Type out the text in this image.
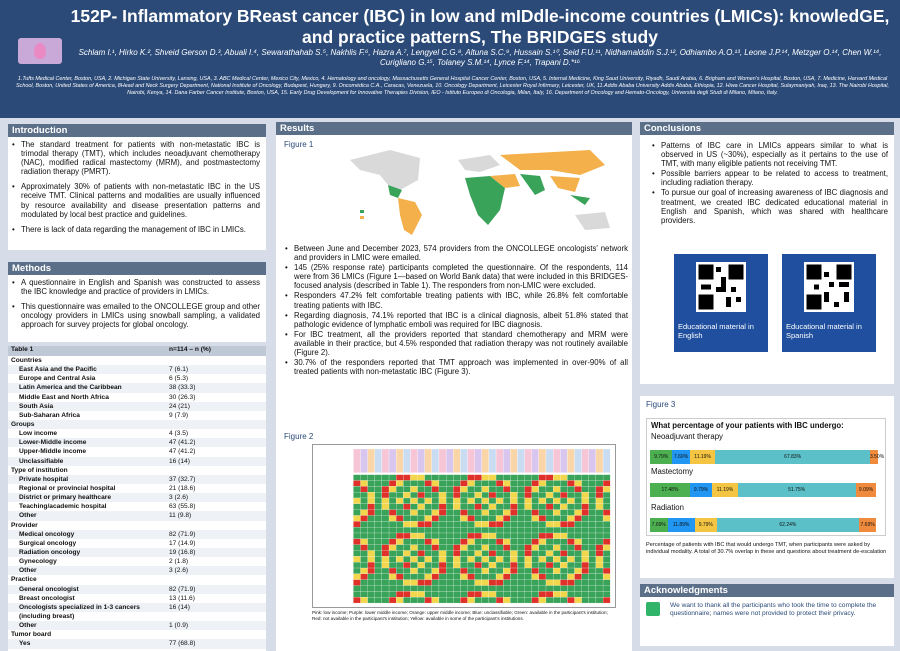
152P- Inflammatory BReast cancer (IBC) in low and mIDdle-income countries (LMICs): knowledGE, and practice patternS, The BRIDGES study
Schlam I.¹, Hirko K.², Shveid Gerson D.³, Abuali I.⁴, Sewarathahab S.⁵, Nakhlis F.⁶, Hazra A.⁷, Lengyel C.G.⁸, Altuna S.C.⁹, Hussain S.¹⁰, Seid F.U.¹¹, Nidhamalddin S.J.¹², Odhiambo A.O.¹³, Leone J.P.¹⁴, Metzger O.¹⁴, Chen W.¹⁴, Curigliano G.¹⁵, Tolaney S.M.¹⁴, Lynce F.¹⁴, Trapani D.*¹⁶
1.Tufts Medical Center, Boston, USA, 2. Michigan State University, Lansing, USA, 3. ABC Medical Center, Mexico City, Mexico, 4. Hematology and oncology, Massachusetts General Hospital Cancer Center, Boston, USA, 5. Internal Medicine, King Saud University, Riyadh, Saudi Arabia, 6. Brigham and Women's Hospital, Boston, USA, 7. Medicine, Harvard Medical School, Boston, United States of America, 8Head and Neck Surgery Department, National Institute of Oncology, Budapest, Hungary, 9. Oncomédica C.A., Caracas, Venezuela, 10. Oncology Department, Leicester Royal Infirmary, Leicester, UK, 11.Addis Ababa University Addis Ababa, Ethiopia, 12. Hiwa Cancer Hospital, Sulaymaniyah, Iraq, 13. The Nairobi Hospital, Nairobi, Kenya, 14. Dana Farber Cancer Institute, Boston, USA, 15. Early Drug Development for Innovative Therapies Division, IEO - Istituto Europeo di Oncologia, Milan, Italy, 16. Department of Oncology and Hemato-Oncology, Università degli Studi di Milano, Milano, Italy.
Introduction
• The standard treatment for patients with non-metastatic IBC is trimodal therapy (TMT), which includes neoadjuvant chemotherapy (NAC), modified radical mastectomy (MRM), and postmastectomy radiation therapy (PMRT).
• Approximately 30% of patients with non-metastatic IBC in the US receive TMT. Clinical patterns and modalities are usually influenced by resource availability and disease presentation patterns and modulated by local best practice and guidelines.
• There is lack of data regarding the management of IBC in LMICs.
Methods
• A questionnaire in English and Spanish was constructed to assess the IBC knowledge and practice of providers in LMICs.
• This questionnaire was emailed to the ONCOLLEGE group and other oncology providers in LMICs using snowball sampling, a validated approach for survey projects for global oncology.
Table 1	n=114 – n (%)
Countries
East Asia and the Pacific	7 (6.1)
Europe and Central Asia	6 (5.3)
Latin America and the Caribbean	38 (33.3)
Middle East and North Africa	30 (26.3)
South Asia	24 (21)
Sub-Saharan Africa	9 (7.9)
Groups
Low income	4 (3.5)
Lower-Middle income	47 (41.2)
Upper-Middle income	47 (41.2)
Unclassifiable	16 (14)
Type of institution
Private hospital	37 (32.7)
Regional or provincial hospital	21 (18.6)
District or primary healthcare	3 (2.6)
Teaching/academic hospital	63 (55.8)
Other	11 (9.8)
Provider
Medical oncology	82 (71.9)
Surgical oncology	17 (14.9)
Radiation oncology	19 (16.8)
Gynecology	2 (1.8)
Other	3 (2.6)
Practice
General oncologist	82 (71.9)
Breast oncologist	13 (11.6)
Oncologists specialized in 1-3 cancers	16 (14)
(including breast)
Other	1 (0.9)
Tumor board
Yes	77 (68.8)
Results
Figure 1
• Between June and December 2023, 574 providers from the ONCOLLEGE oncologists' network and providers in LMIC were emailed.
• 145 (25% response rate) participants completed the questionnaire. Of the respondents, 114 were from 36 LMICs (Figure 1—based on World Bank data) that were included in this BRIDGES- focused analysis (described in Table 1). The responders from non-LMIC were excluded.
• Responders 47.2% felt comfortable treating patients with IBC, while 26.8% felt comfortable treating patients with IBC.
• Regarding diagnosis, 74.1% reported that IBC is a clinical diagnosis, albeit 51.8% stated that pathologic evidence of lymphatic emboli was required for IBC diagnosis.
• For IBC treatment, all the providers reported that standard chemotherapy and MRM were available in their practice, but 4.5% responded that radiation therapy was not routinely available (Figure 2).
• 30.7% of the responders reported that TMT approach was implemented in over-90% of all treated patients with non-metastatic IBC (Figure 3).
Figure 2
Pink: low income; Purple: lower middle income; Orange: upper middle income; Blue: unclassifiable; Green: available in the participant's institution; Red: not available in the participant's institution; Yellow: available in some of the participant's institutions.
Conclusions
• Patterns of IBC care in LMICs appears similar to what is observed in US (~30%), especially as it pertains to the use of TMT, with many eligible patients not receiving TMT.
• Possible barriers appear to be related to access to treatment, including radiation therapy.
• To pursue our goal of increasing awareness of IBC diagnosis and treatment, we created IBC dedicated educational material in English and Spanish, which was shared with healthcare providers.
Educational material in English
Educational material in Spanish
Figure 3
What percentage of your patients with IBC undergo:
Neoadjuvant therapy
Mastectomy
Radiation
Percentage of patients with IBC that would undergo TMT, when participants were asked by individual modality. A total of 30.7% overlap in these and questions about treatment de-escalation
9.79%	7.69%	11.19%	67.83%	3.50%
17.48%	9.79%	11.19%	51.75%	9.09%
7.69%	11.89%	9.79%	62.24%	7.69%
Acknowledgments
We want to thank all the participants who took the time to complete the questionnaire; names were not provided to protect their privacy.
